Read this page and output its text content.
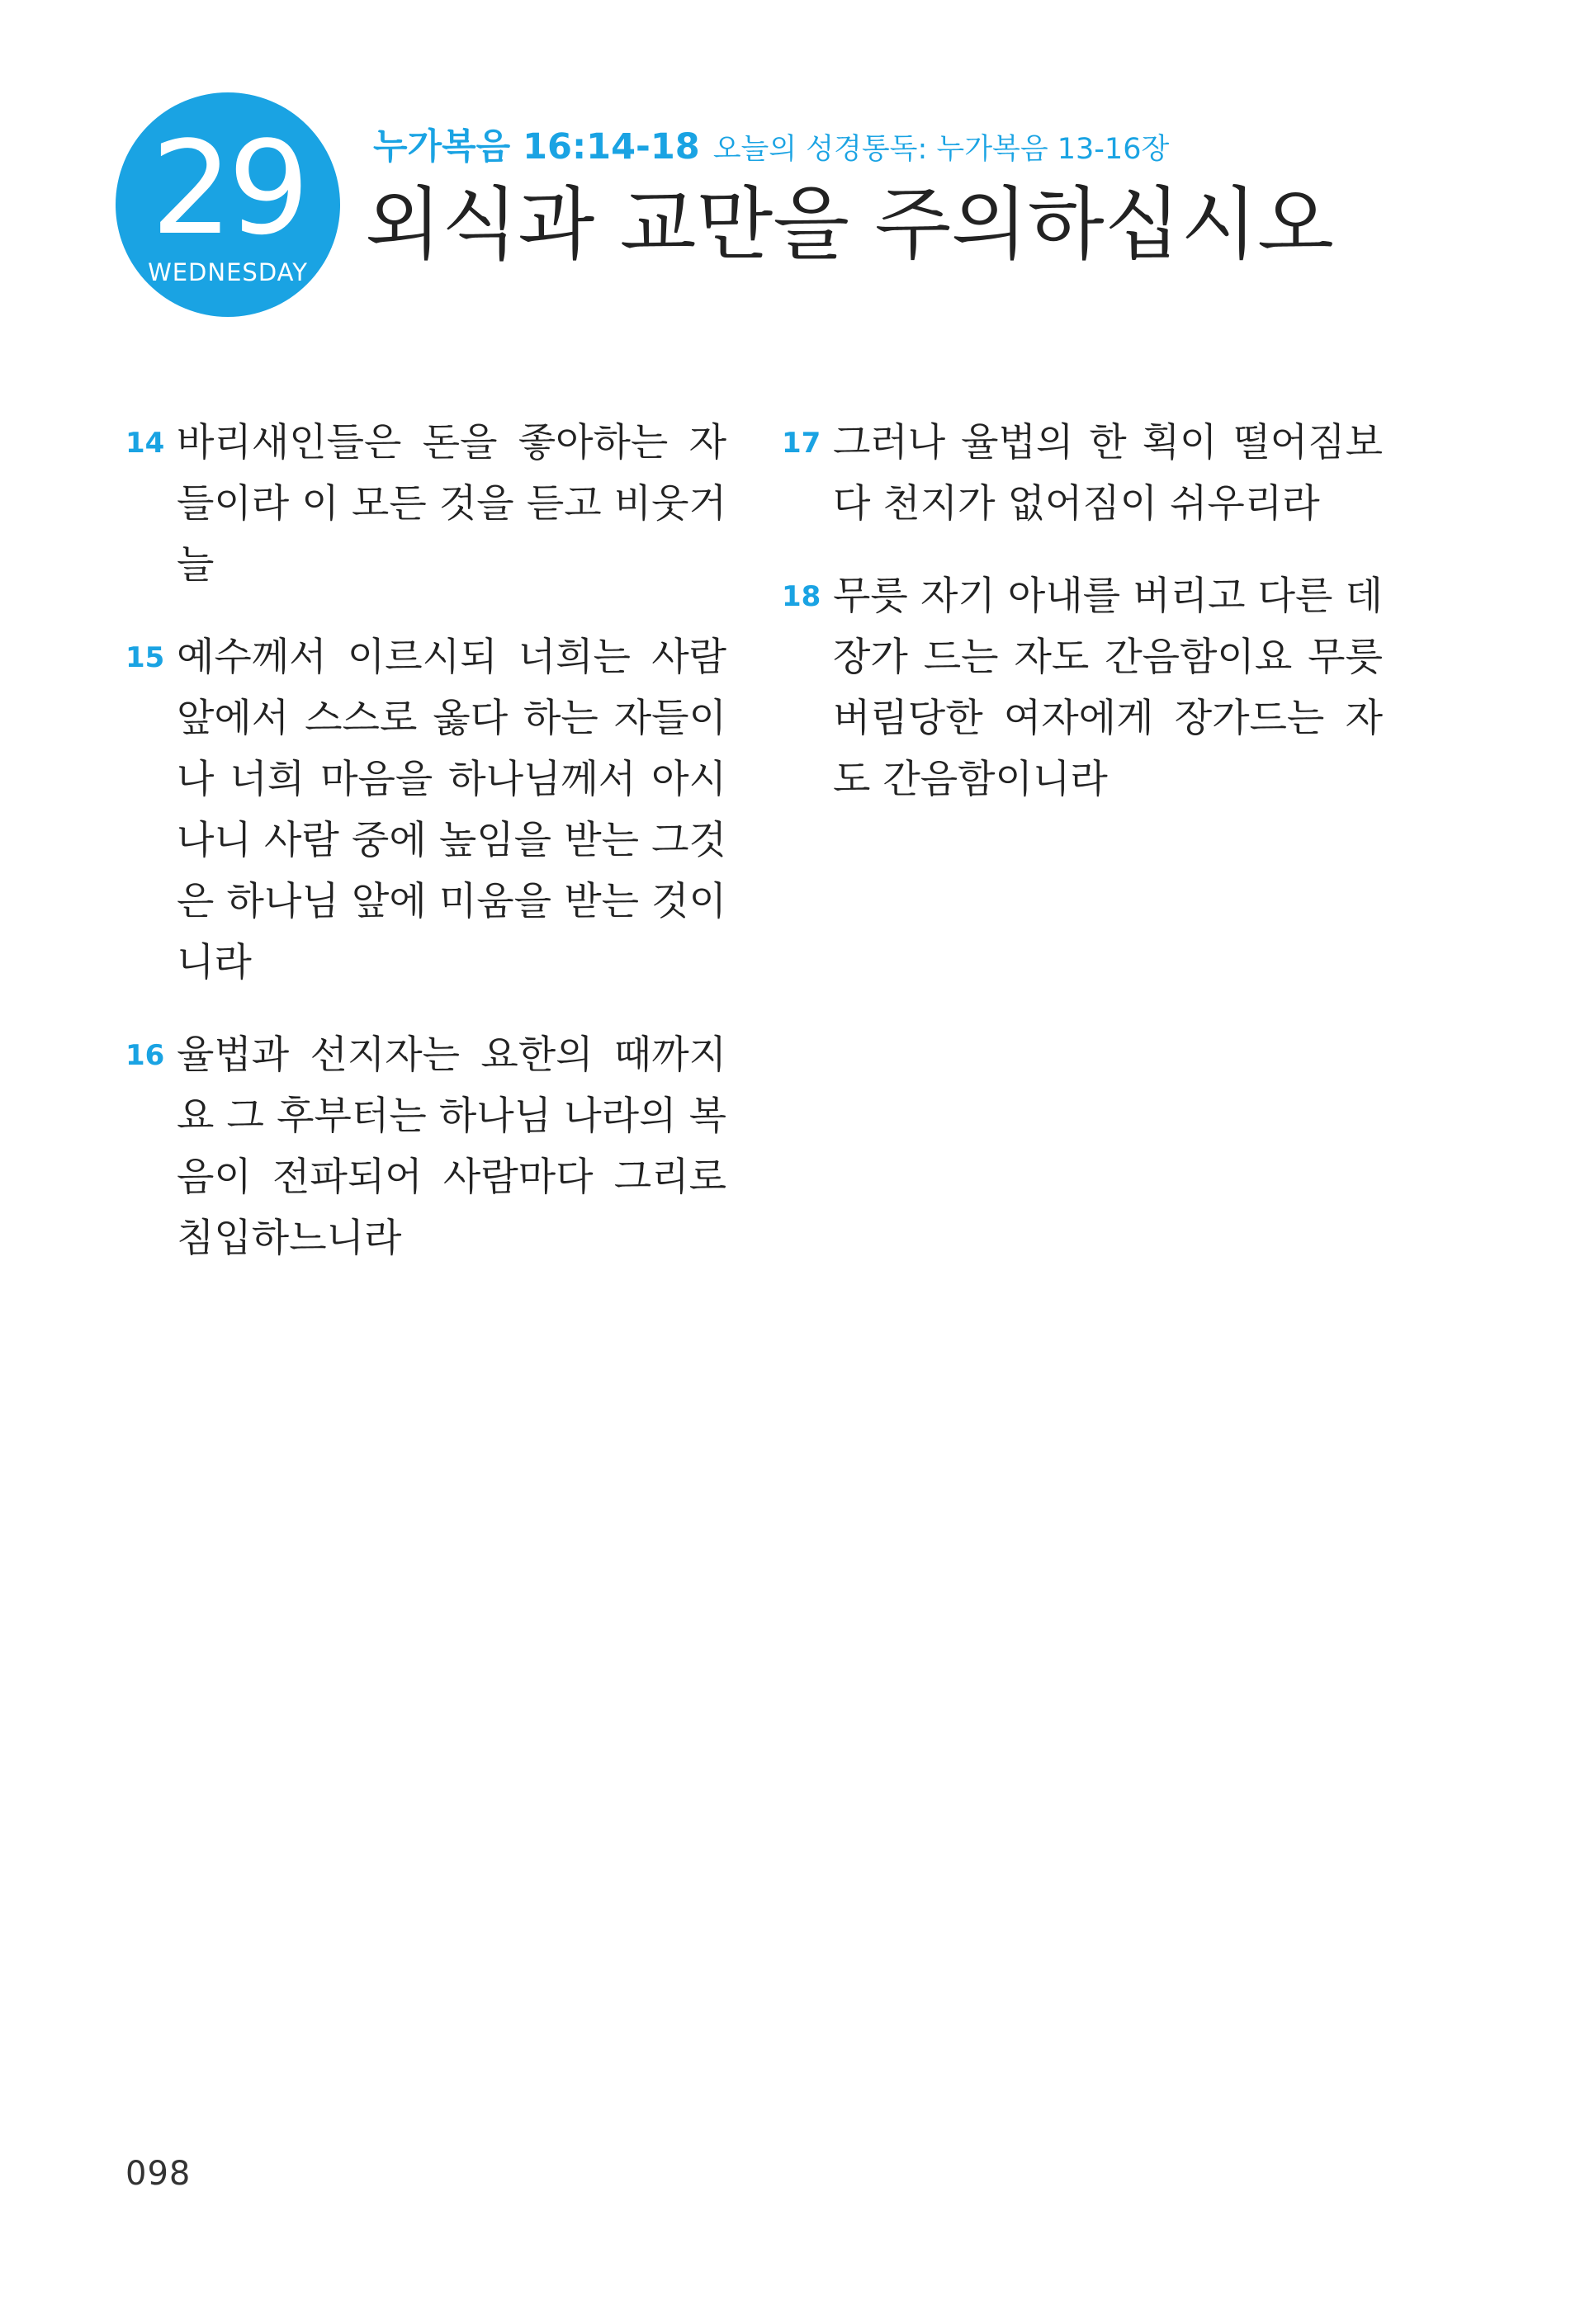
29
WEDNESDAY
누가복음 16:14-18 오늘의 성경통독: 누가복음 13-16장
외식과 교만을 주의하십시오
14 바리새인들은 돈을 좋아하는 자들이라 이 모든 것을 듣고 비웃거늘
15 예수께서 이르시되 너희는 사람 앞에서 스스로 옳다 하는 자들이나 너희 마음을 하나님께서 아시나니 사람 중에 높임을 받는 그것은 하나님 앞에 미움을 받는 것이니라
16 율법과 선지자는 요한의 때까지요 그 후부터는 하나님 나라의 복음이 전파되어 사람마다 그리로 침입하느니라
17 그러나 율법의 한 획이 떨어짐보다 천지가 없어짐이 쉬우리라
18 무릇 자기 아내를 버리고 다른 데 장가 드는 자도 간음함이요 무릇 버림당한 여자에게 장가드는 자도 간음함이니라
098
